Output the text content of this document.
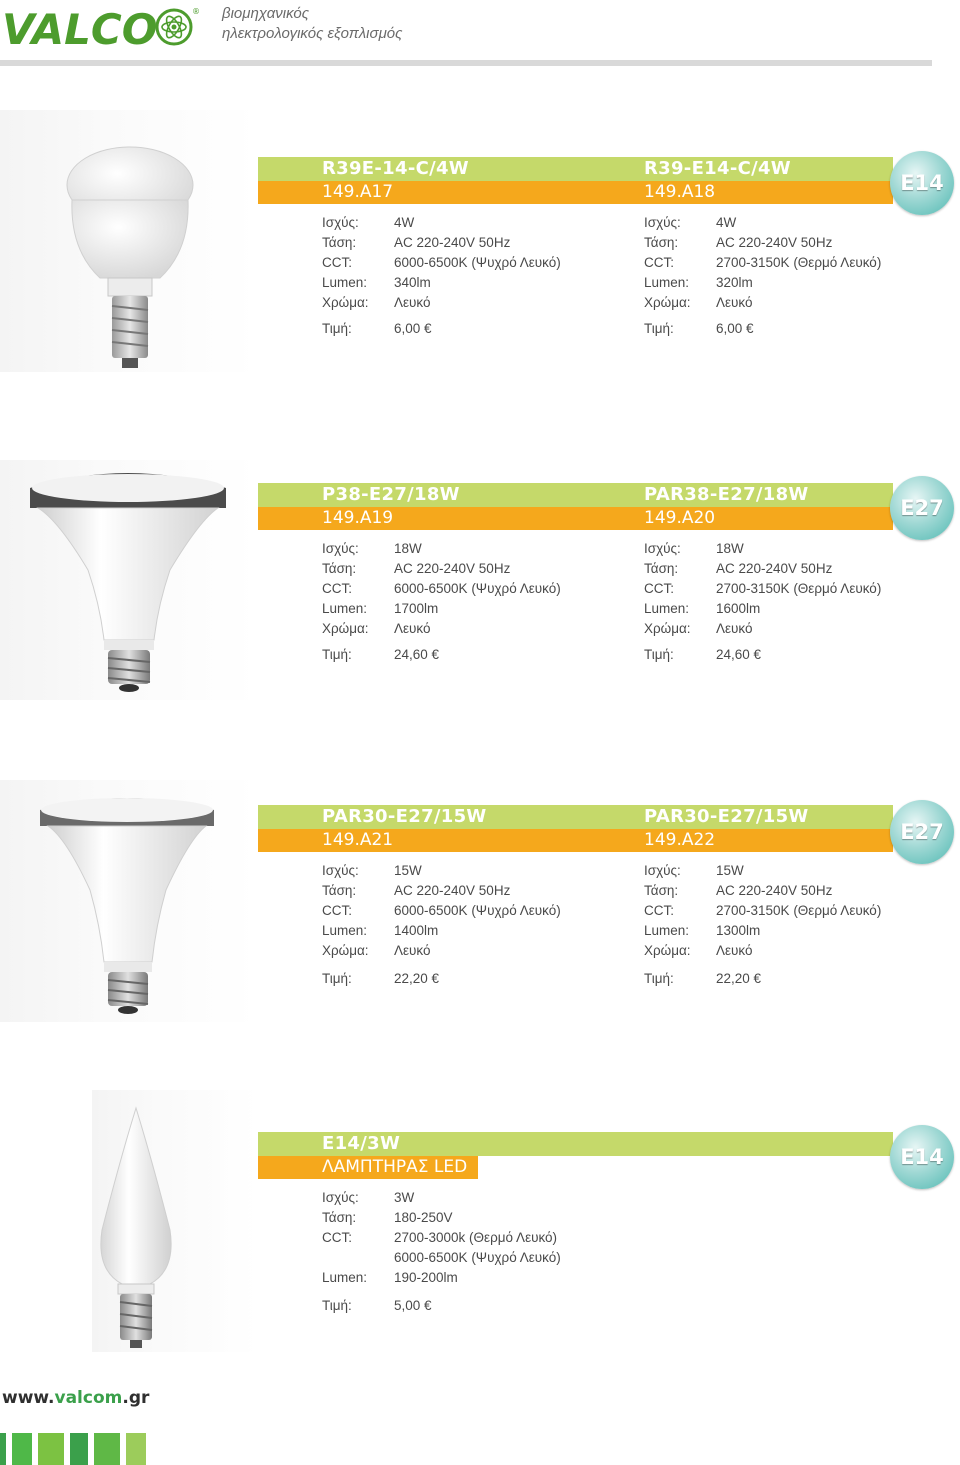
VALCO	® βιομηχανικός
ηλεκτρολογικός εξοπλισμός
R39E-14-C/4W
149.A17
Ισχύς:	4W
Τάση:	AC 220-240V 50Hz
CCT:	6000-6500K (Ψυχρό Λευκό)
Lumen: 340lm
Χρώμα: Λευκό
Τιμή:	6,00 €
R39-E14-C/4W
149.A18
Ισχύς:	4W
Τάση:	AC 220-240V 50Hz
CCT:	2700-3150K (Θερμό Λευκό)
Lumen: 320lm
Χρώμα: Λευκό
Τιμή:	6,00 €
E14
P38-E27/18W
149.A19
Ισχύς:	18W
Τάση:	AC 220-240V 50Hz
CCT:	6000-6500K (Ψυχρό Λευκό)
Lumen: 1700lm
Χρώμα: Λευκό
Τιμή:	24,60 €
PAR38-E27/18W
149.A20
Ισχύς:	18W
Τάση:	AC 220-240V 50Hz
CCT:	2700-3150K (Θερμό Λευκό)
Lumen: 1600lm
Χρώμα: Λευκό
Τιμή:	24,60 €
E27
PAR30-E27/15W
149.A21
Ισχύς:	15W
Τάση:	AC 220-240V 50Hz
CCT:	6000-6500K (Ψυχρό Λευκό)
Lumen: 1400lm
Χρώμα: Λευκό
Τιμή:	22,20 €
PAR30-E27/15W
149.A22
Ισχύς:	15W
Τάση:	AC 220-240V 50Hz
CCT:	2700-3150K (Θερμό Λευκό)
Lumen: 1300lm
Χρώμα: Λευκό
Τιμή:	22,20 €
E27
E14/3W
ΛΑΜΠΤΗΡΑΣ LED
Ισχύς:	3W
Τάση:	180-250V
CCT:	2700-3000k (Θερμό Λευκό)
6000-6500K (Ψυχρό Λευκό)
Lumen: 190-200lm
Τιμή:	5,00 €
E14
www.valcom.gr
